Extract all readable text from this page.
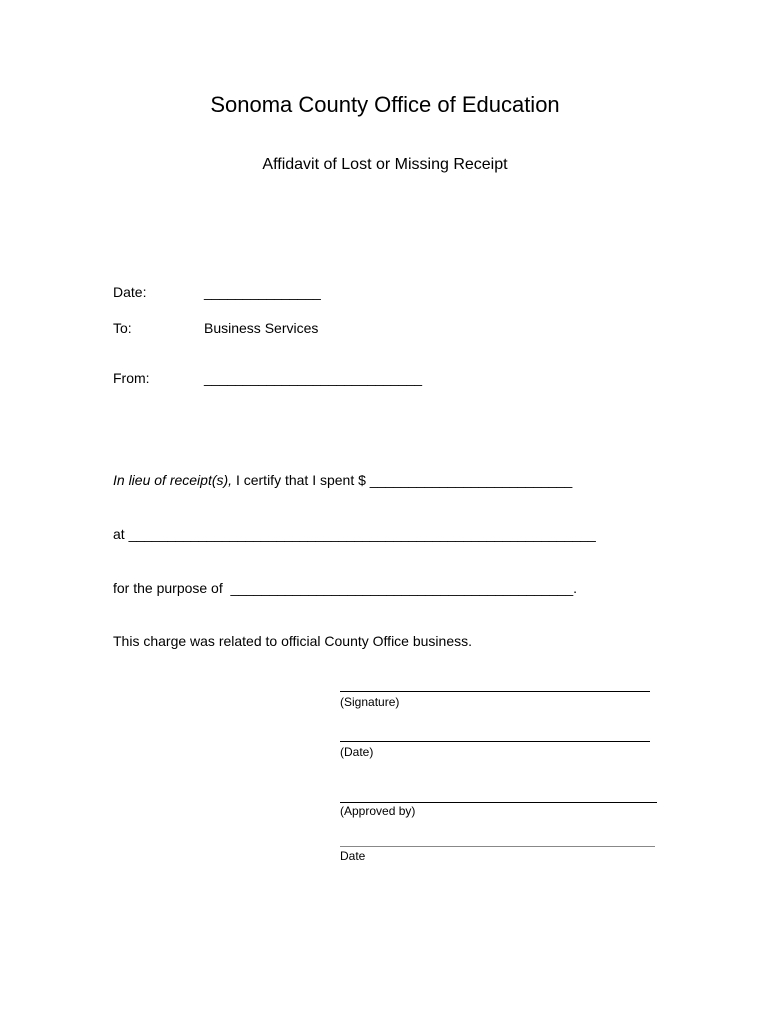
Sonoma County Office of Education
Affidavit of Lost or Missing Receipt
Date:	_______________
To:	Business Services
From:	____________________________
In lieu of receipt(s), I certify that I spent $ __________________________
at ____________________________________________________________
for the purpose of  ____________________________________________.
This charge was related to official County Office business.
(Signature)
(Date)
(Approved by)
Date
